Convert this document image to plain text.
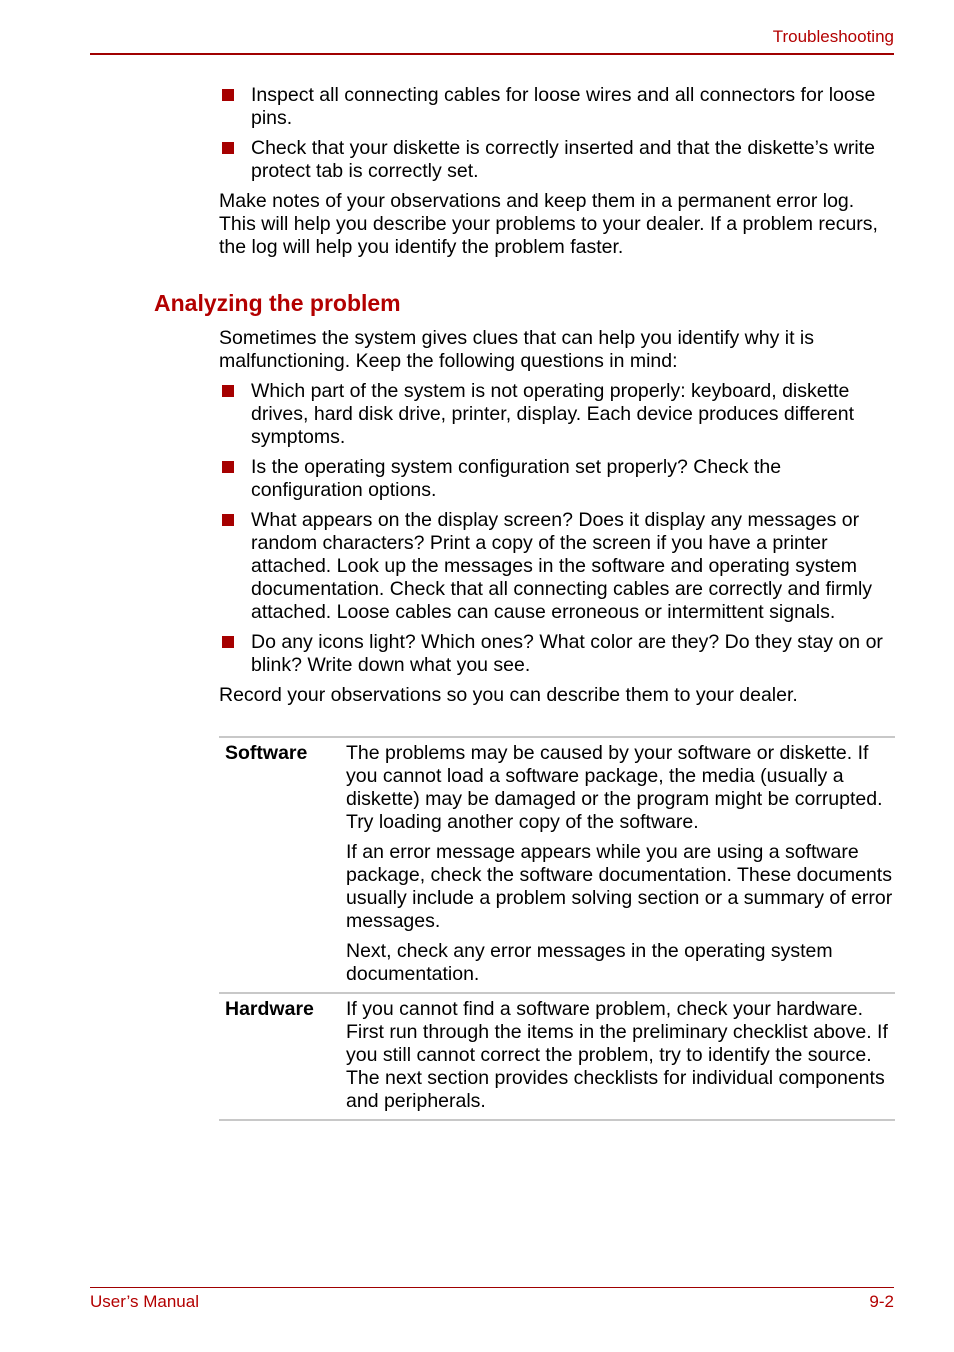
Troubleshooting
Inspect all connecting cables for loose wires and all connectors for loose pins.
Check that your diskette is correctly inserted and that the diskette’s write protect tab is correctly set.

Make notes of your observations and keep them in a permanent error log. This will help you describe your problems to your dealer. If a problem recurs, the log will help you identify the problem faster.

Analyzing the problem

Sometimes the system gives clues that can help you identify why it is malfunctioning. Keep the following questions in mind:

Which part of the system is not operating properly: keyboard, diskette drives, hard disk drive, printer, display. Each device produces different symptoms.
Is the operating system configuration set properly? Check the configuration options.
What appears on the display screen? Does it display any messages or random characters? Print a copy of the screen if you have a printer attached. Look up the messages in the software and operating system documentation. Check that all connecting cables are correctly and firmly attached. Loose cables can cause erroneous or intermittent signals.
Do any icons light? Which ones? What color are they? Do they stay on or blink? Write down what you see.

Record your observations so you can describe them to your dealer.

Software	The problems may be caused by your software or diskette. If you cannot load a software package, the media (usually a diskette) may be damaged or the program might be corrupted. Try loading another copy of the software.

If an error message appears while you are using a software package, check the software documentation. These documents usually include a problem solving section or a summary of error messages.

Next, check any error messages in the operating system documentation.

Hardware	If you cannot find a software problem, check your hardware. First run through the items in the preliminary checklist above. If you still cannot correct the problem, try to identify the source. The next section provides checklists for individual components and peripherals.

User’s Manual	9-2
